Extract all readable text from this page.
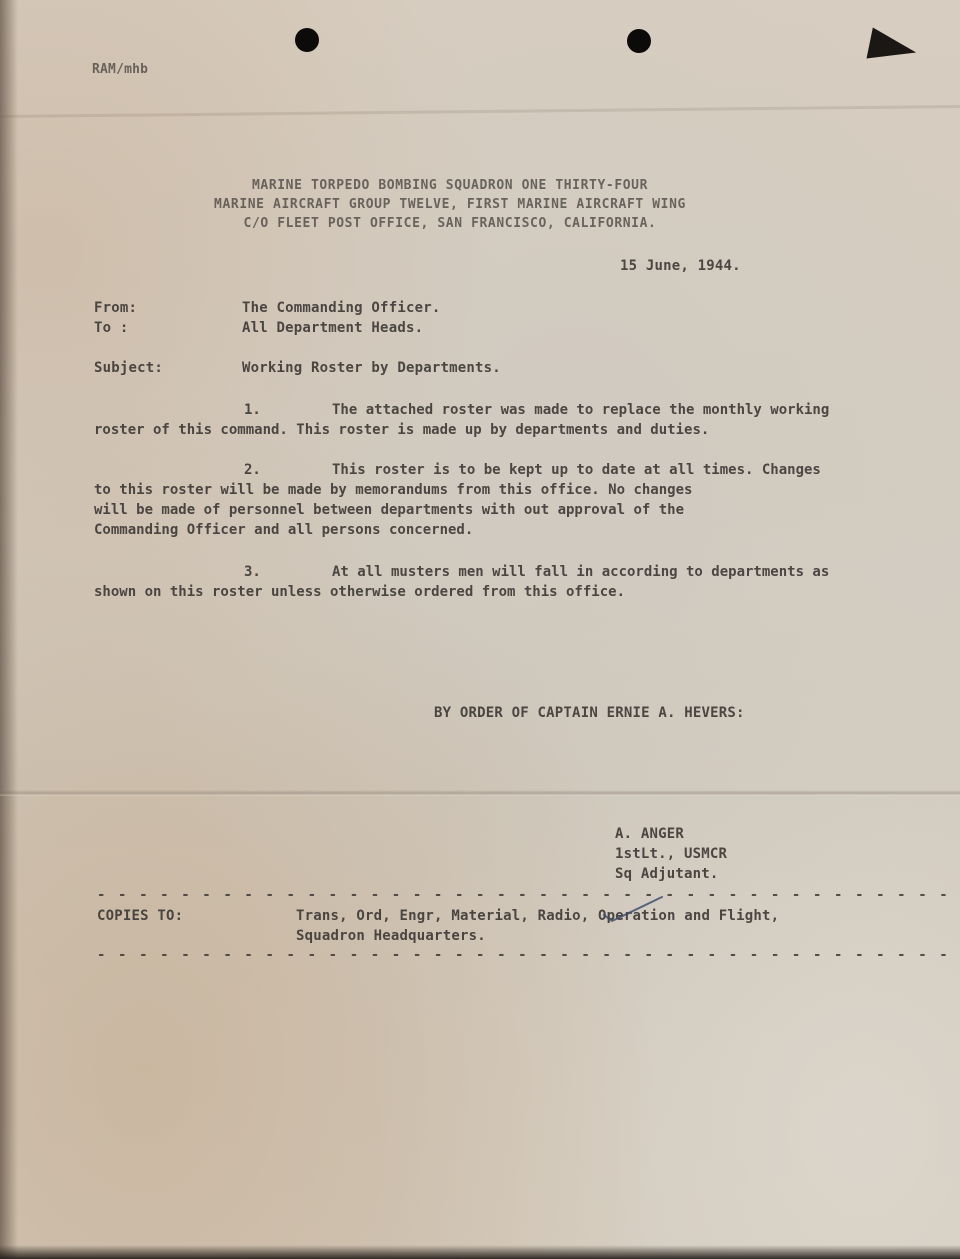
RAM/mhb
MARINE TORPEDO BOMBING SQUADRON ONE THIRTY-FOUR
MARINE AIRCRAFT GROUP TWELVE, FIRST MARINE AIRCRAFT WING
C/O FLEET POST OFFICE, SAN FRANCISCO, CALIFORNIA.
15 June, 1944.
From:	The Commanding Officer.
To :	All Department Heads.
Subject:	Working Roster by Departments.
1.	The attached roster was made to replace the monthly working
roster of this command. This roster is made up by departments and duties.
2.	This roster is to be kept up to date at all times. Changes
to this roster will be made by memorandums from this office. No changes
will be made of personnel between departments with out approval of the
Commanding Officer and all persons concerned.
3.	At all musters men will fall in according to departments as
shown on this roster unless otherwise ordered from this office.
BY ORDER OF CAPTAIN ERNIE A. HEVERS:
A. ANGER
1stLt., USMCR
Sq Adjutant.
- - - - - - - - - - - - - - - - - - - - - - - - - - - - - - - - - - - - - - - - -
COPIES TO:	Trans, Ord, Engr, Material, Radio, Operation and Flight,
Squadron Headquarters.
- - - - - - - - - - - - - - - - - - - - - - - - - - - - - - - - - - - - - - - - -
